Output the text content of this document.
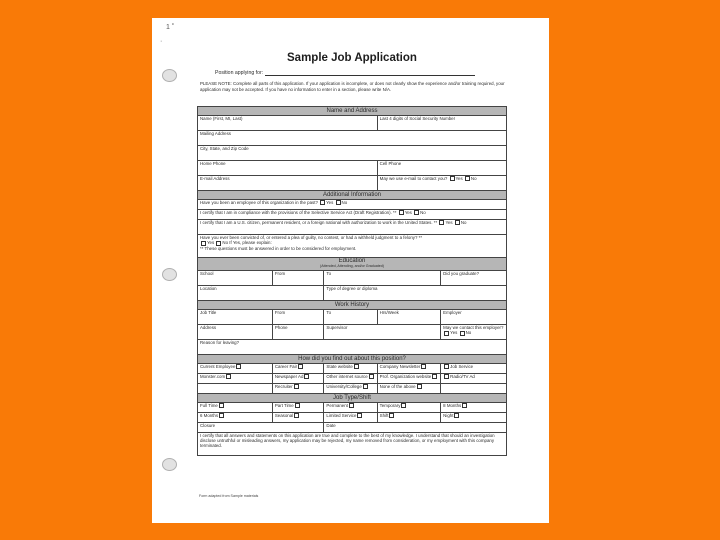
1 ˚
·
Sample Job Application
Position applying for:
PLEASE NOTE: Complete all parts of this application. If your application is incomplete, or does not clearly show the experience and/or training required, your application may not be accepted. If you have no information to enter in a section, please write N/A.
Name and Address				
Name (First, MI, Last)			Last 4 digits of Social Security Number	
Mailing Address				
City, State, and Zip Code				
Home Phone			Cell Phone	
E-mail Address			May we use e-mail to contact you? Yes No	
Additional Information				
Have you been an employee of this organization in the past? Yes No				
I certify that I am in compliance with the provisions of the Selective Service Act (Draft Registration). ** Yes No				
I certify that I am a U.S. citizen, permanent resident, or a foreign national with authorization to work in the United States. ** Yes No				
Have you ever been convicted of, or entered a plea of guilty, no contest, or had a withheld judgment to a felony? **
Yes No If Yes, please explain:
** These questions must be answered in order to be considered for employment.				
Education
(Attended, Attending, and/or Graduated)				
School	From	To		Did you graduate?
Location		Type of degree or diploma		
Work History				
Job Title	From	To	Hrs/Week	Employer
Address	Phone	Supervisor		May we contact this employer? Yes No
Reason for leaving?				
How did you find out about this position?				
Current Employee	Career Fair	State website	Company Newsletter	Job Service
Monster.com	Newspaper Ad	Other internet source	Prof. Organization website	Radio/TV Ad
	Recruiter	University/College	None of the above	
Job Type/Shift				
Full Time	Part Time	Permanent	Temporary	8 Months
6 Months	Seasonal	Limited Service	Shift	Night
Closure		Date		
I certify that all answers and statements on this application are true and complete to the best of my knowledge. I understand that should an investigation disclose untruthful or misleading answers, my application may be rejected, my name removed from consideration, or my employment with this company terminated.				
Form adapted from Sample materials
